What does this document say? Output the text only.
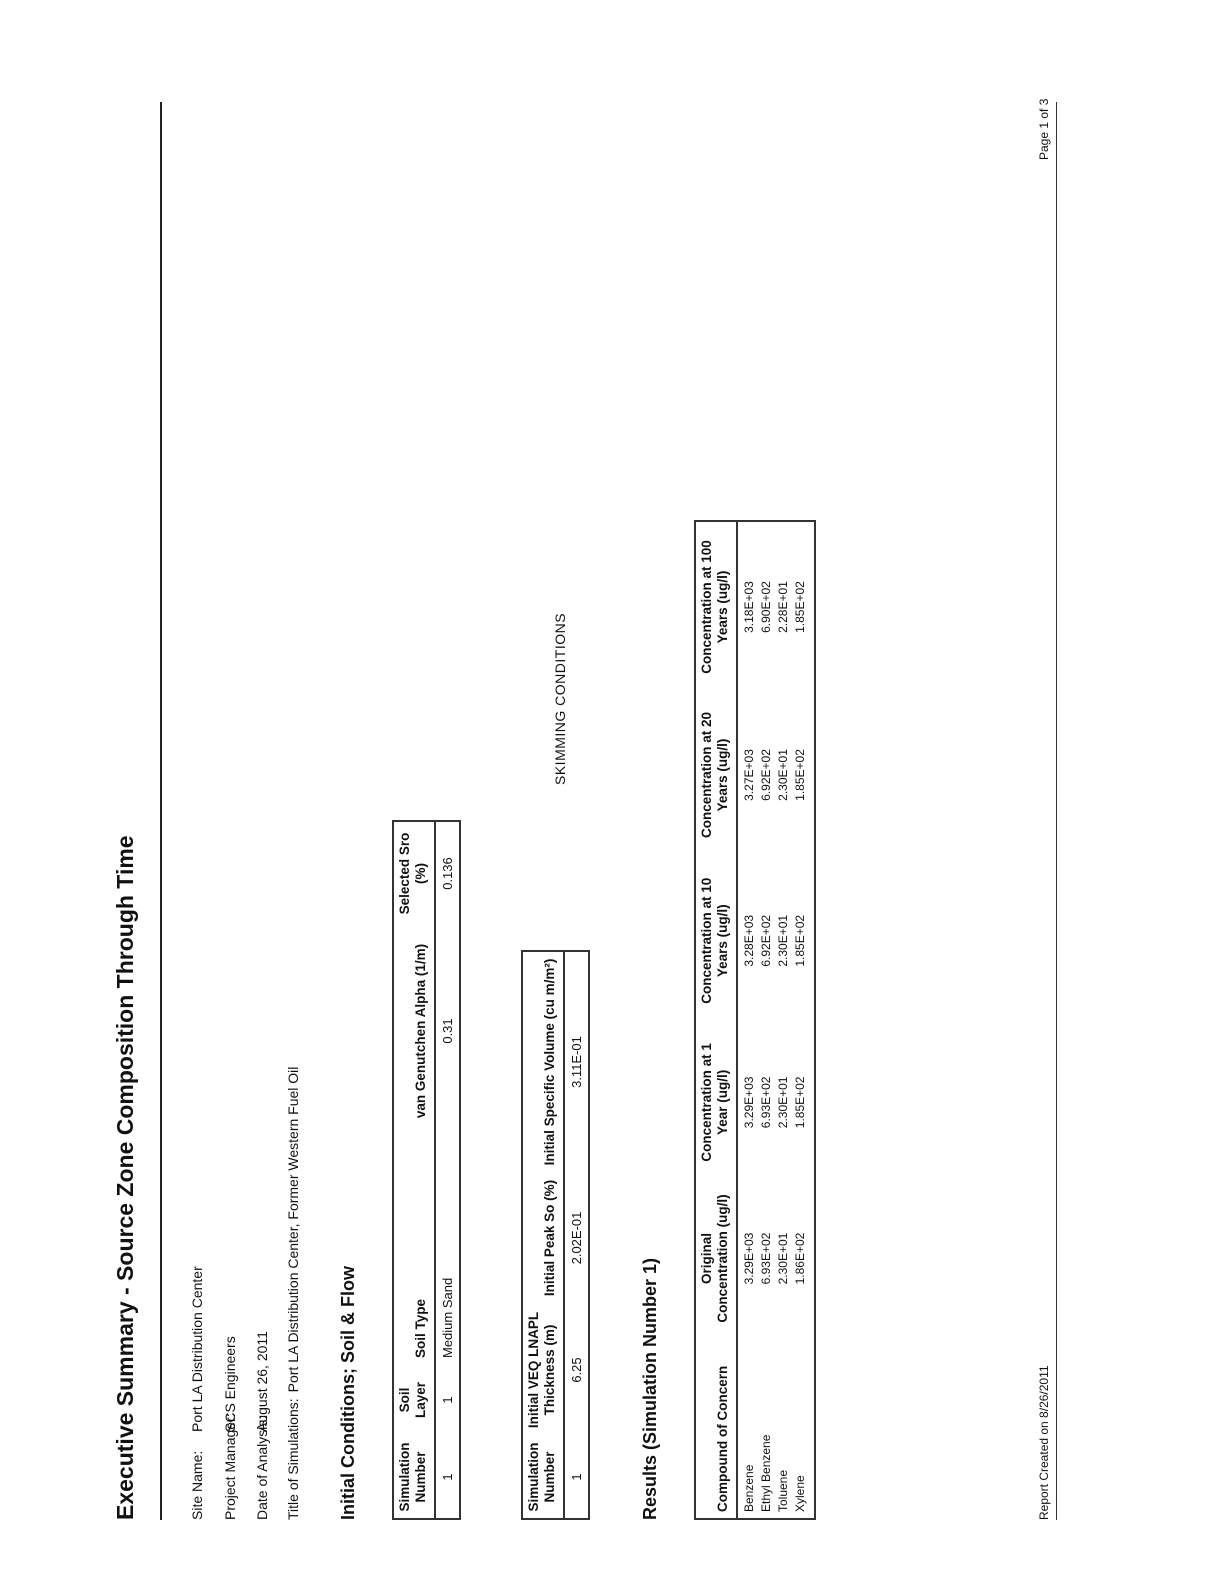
Executive Summary - Source Zone Composition Through Time	Site Name:Port LA Distribution Center
Project Manager:SCS Engineers
Date of Analysis:August 26, 2011
Title of Simulations:Port LA Distribution Center, Former Western Fuel Oil
SKIMMING CONDITIONS
Initial Conditions; Soil & Flow	Simulation Number	Soil Layer	Soil Type	van Genutchen Alpha (1/m)	Selected Sro (%)
1	1	Medium Sand	0.31	0.136
Simulation Number	Initial VEQ LNAPL Thickness (m)	Initial Peak So (%)	Initial Specific Volume (cu m/m²)
1	6.25	2.02E-01	3.11E-01
Results (Simulation Number 1)	Compound of Concern	Original Concentration (ug/l)	Concentration at 1 Year (ug/l)	Concentration at 10 Years (ug/l)	Concentration at 20 Years (ug/l)	Concentration at 100 Years (ug/l)
Benzene	3.29E+03	3.29E+03	3.28E+03	3.27E+03	3.18E+03
Ethyl Benzene	6.93E+02	6.93E+02	6.92E+02	6.92E+02	6.90E+02
Toluene	2.30E+01	2.30E+01	2.30E+01	2.30E+01	2.28E+01
Xylene	1.86E+02	1.85E+02	1.85E+02	1.85E+02	1.85E+02
Report Created on 8/26/2011
Page 1 of 3
